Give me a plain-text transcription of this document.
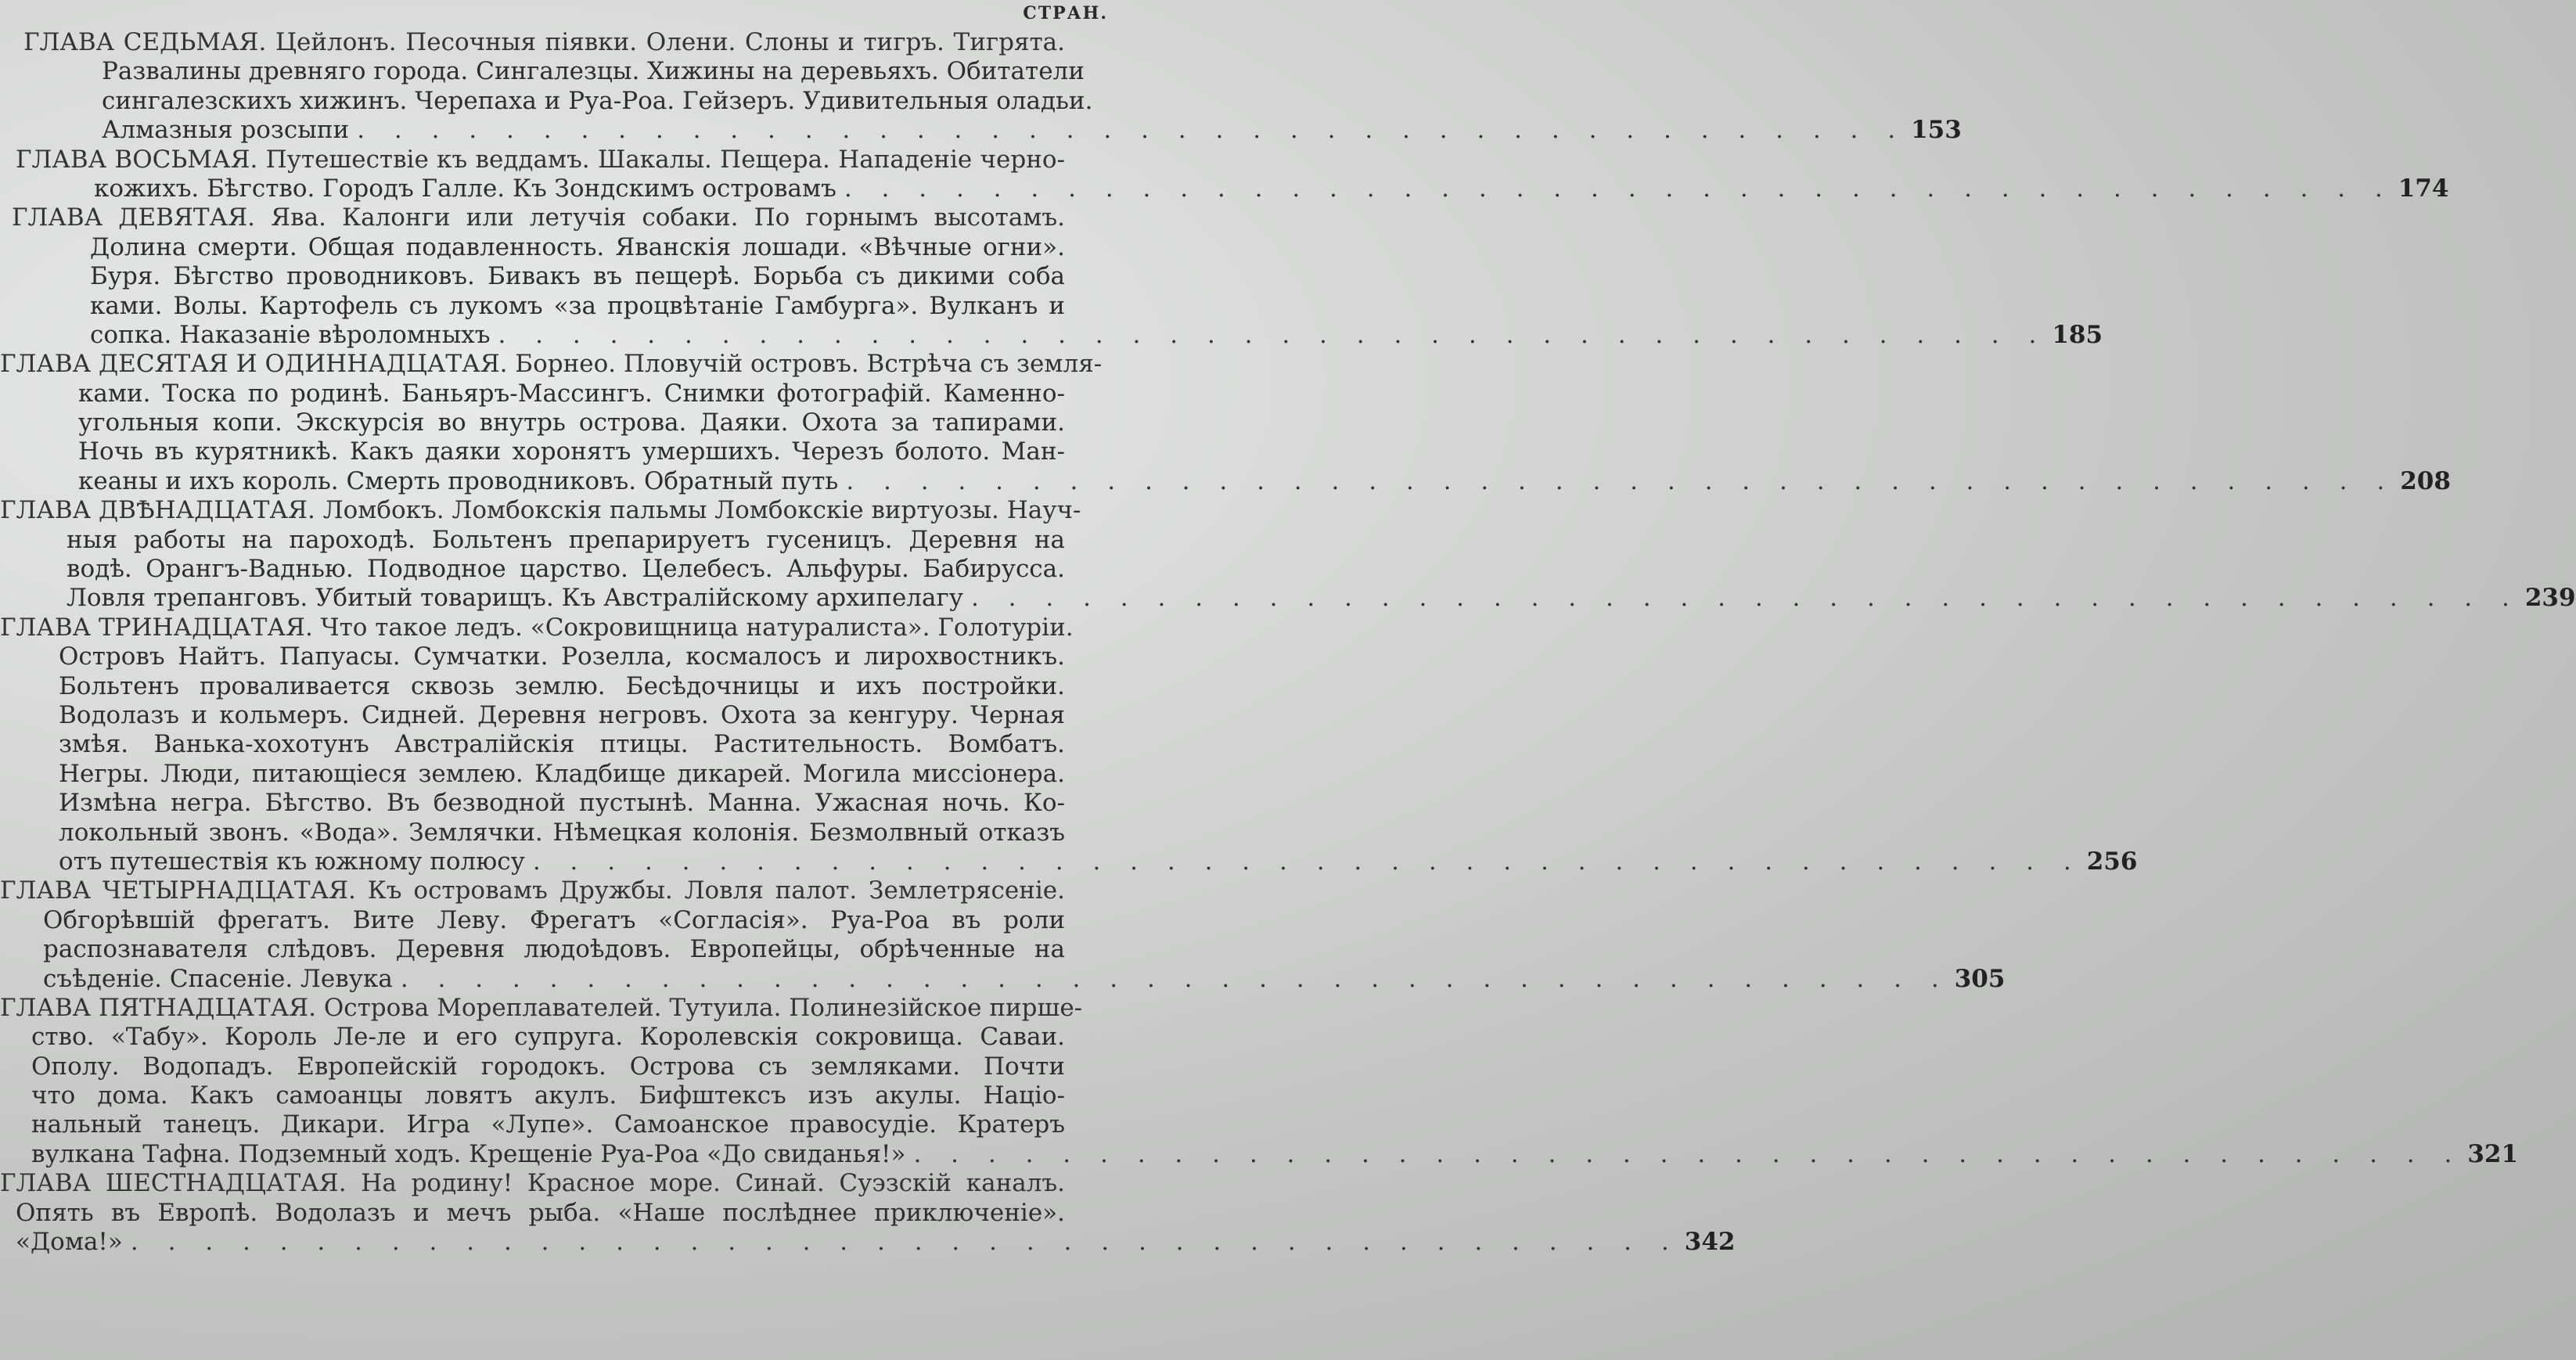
СТРАН.
ГЛАВА СЕДЬМАЯ. Цейлонъ. Песочныя піявки. Олени. Слоны и тигръ. Тигрята.
Развалины древняго города. Сингалезцы. Хижины на деревьяхъ. Обитатели
сингалезскихъ хижинъ. Черепаха и Руа-Роа. Гейзеръ. Удивительныя оладьи.
Алмазныя розсыпи . . . . . . . . . . . . . . . . . . . . . . . . . . . . . . . . . . . . . . . . . . 153
ГЛАВА ВОСЬМАЯ. Путешествіе къ веддамъ. Шакалы. Пещера. Нападеніе черно-
кожихъ. Бѣгство. Городъ Галле. Къ Зондскимъ островамъ . . . . . . . . . . . . . . . . . . . . . . . . . . . . . . . . . . . . . . . . . . 174
ГЛАВА ДЕВЯТАЯ. Ява. Калонги или летучія собаки. По горнымъ высотамъ.
Долина смерти. Общая подавленность. Яванскія лошади. «Вѣчные огни».
Буря. Бѣгство проводниковъ. Бивакъ въ пещерѣ. Борьба съ дикими соба
ками. Волы. Картофель съ лукомъ «за процвѣтаніе Гамбурга». Вулканъ и
сопка. Наказаніе вѣроломныхъ . . . . . . . . . . . . . . . . . . . . . . . . . . . . . . . . . . . . . . . . . . 185
ГЛАВА ДЕСЯТАЯ И ОДИННАДЦАТАЯ. Борнео. Пловучій островъ. Встрѣча съ земля-
ками. Тоска по родинѣ. Баньяръ-Массингъ. Снимки фотографій. Каменно-
угольныя копи. Экскурсія во внутрь острова. Даяки. Охота за тапирами.
Ночь въ курятникѣ. Какъ даяки хоронятъ умершихъ. Черезъ болото. Ман-
кеаны и ихъ король. Смерть проводниковъ. Обратный путь . . . . . . . . . . . . . . . . . . . . . . . . . . . . . . . . . . . . . . . . . . 208
ГЛАВА ДВѢНАДЦАТАЯ. Ломбокъ. Ломбокскія пальмы Ломбокскіе виртуозы. Науч-
ныя работы на пароходѣ. Больтенъ препарируетъ гусеницъ. Деревня на
водѣ. Орангъ-Ваднью. Подводное царство. Целебесъ. Альфуры. Бабирусса.
Ловля трепанговъ. Убитый товарищъ. Къ Австралійскому архипелагу . . . . . . . . . . . . . . . . . . . . . . . . . . . . . . . . . . . . . . . . . . 239
ГЛАВА ТРИНАДЦАТАЯ. Что такое ледъ. «Сокровищница натуралиста». Голотуріи.
Островъ Найтъ. Папуасы. Сумчатки. Розелла, космалосъ и лирохвостникъ.
Больтенъ проваливается сквозь землю. Бесѣдочницы и ихъ постройки.
Водолазъ и кольмеръ. Сидней. Деревня негровъ. Охота за кенгуру. Черная
змѣя. Ванька-хохотунъ Австралійскія птицы. Растительность. Вомбатъ.
Негры. Люди, питающіеся землею. Кладбище дикарей. Могила миссіонера.
Измѣна негра. Бѣгство. Въ безводной пустынѣ. Манна. Ужасная ночь. Ко-
локольный звонъ. «Вода». Землячки. Нѣмецкая колонія. Безмолвный отказъ
отъ путешествія къ южному полюсу . . . . . . . . . . . . . . . . . . . . . . . . . . . . . . . . . . . . . . . . . . 256
ГЛАВА ЧЕТЫРНАДЦАТАЯ. Къ островамъ Дружбы. Ловля палот. Землетрясеніе.
Обгорѣвшій фрегатъ. Вите Леву. Фрегатъ «Согласія». Руа-Роа въ роли
распознавателя слѣдовъ. Деревня людоѣдовъ. Европейцы, обрѣченные на
съѣденіе. Спасеніе. Левука . . . . . . . . . . . . . . . . . . . . . . . . . . . . . . . . . . . . . . . . . . 305
ГЛАВА ПЯТНАДЦАТАЯ. Острова Мореплавателей. Тутуила. Полинезійское пирше-
ство. «Табу». Король Ле-ле и его супруга. Королевскія сокровища. Саваи.
Ополу. Водопадъ. Европейскій городокъ. Острова съ земляками. Почти
что дома. Какъ самоанцы ловятъ акулъ. Бифштексъ изъ акулы. Націо-
нальный танецъ. Дикари. Игра «Лупе». Самоанское правосудіе. Кратеръ
вулкана Тафна. Подземный ходъ. Крещеніе Руа-Роа «До свиданья!» . . . . . . . . . . . . . . . . . . . . . . . . . . . . . . . . . . . . . . . . . . 321
ГЛАВА ШЕСТНАДЦАТАЯ. На родину! Красное море. Синай. Суэзскій каналъ.
Опять въ Европѣ. Водолазъ и мечъ рыба. «Наше послѣднее приключеніе».
«Дома!» . . . . . . . . . . . . . . . . . . . . . . . . . . . . . . . . . . . . . . . . . . 342
